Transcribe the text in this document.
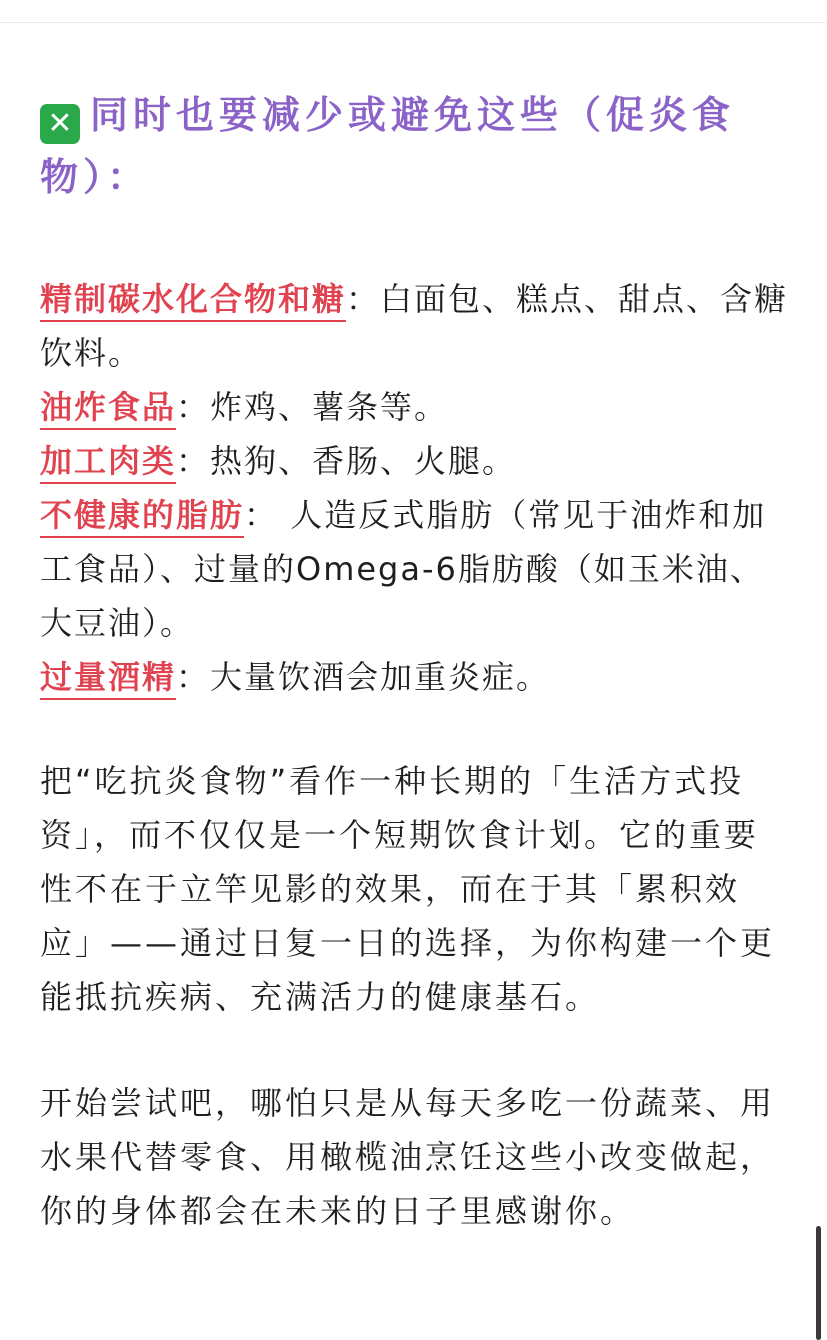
✕ 同时也要减少或避免这些（促炎食物）：
精制碳水化合物和糖：白面包、糕点、甜点、含糖饮料。
油炸食品：炸鸡、薯条等。
加工肉类：热狗、香肠、火腿。
不健康的脂肪： 人造反式脂肪（常见于油炸和加工食品）、过量的Omega-6脂肪酸（如玉米油、大豆油）。
过量酒精：大量饮酒会加重炎症。

把“吃抗炎食物”看作一种长期的「生活方式投资」，而不仅仅是一个短期饮食计划。它的重要性不在于立竿见影的效果，而在于其「累积效应」——通过日复一日的选择，为你构建一个更能抵抗疾病、充满活力的健康基石。

开始尝试吧，哪怕只是从每天多吃一份蔬菜、用水果代替零食、用橄榄油烹饪这些小改变做起，你的身体都会在未来的日子里感谢你。
